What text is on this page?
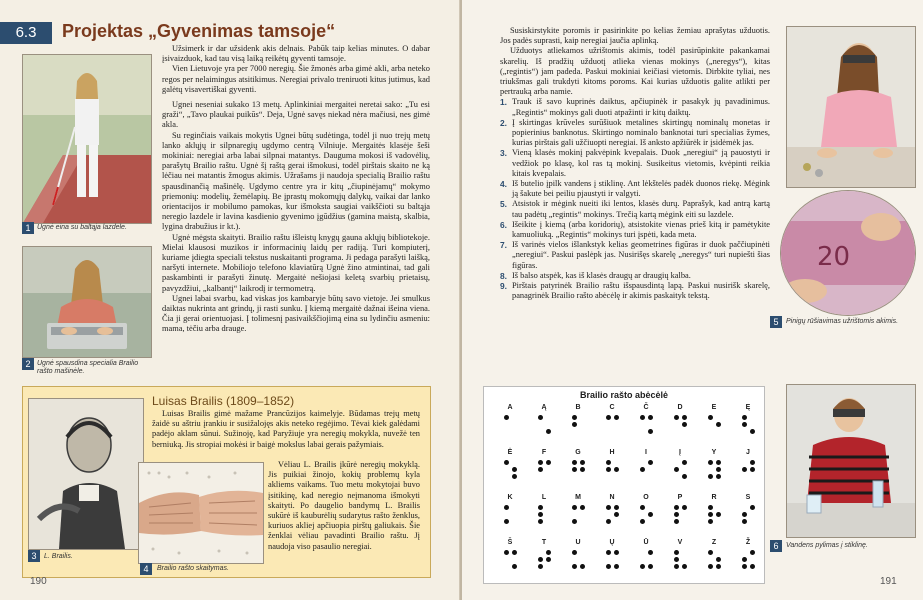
6.3	Projektas „Gyvenimas tamsoje“
1 Ugnė eina su baltąja lazdele.
2 Ugnė spausdina specialia Brailio rašto mašinėle.

Užsimerk ir dar užsidenk akis delnais. Pabūk taip kelias minutes. O dabar įsivaizduok, kad tau visą laiką reikėtų gyventi tamsoje.

Vien Lietuvoje yra per 7000 neregių. Šie žmonės arba gimė akli, arba neteko regos per nelaimingus atsitikimus. Neregiai privalo treniruoti kitus jutimus, kad galėtų visavertiškai gyventi.

Ugnei neseniai sukako 13 metų. Aplinkiniai mergaitei neretai sako: „Tu esi graži“, „Tavo plaukai puikūs“. Deja, Ugnė savęs niekad nėra mačiusi, nes gimė akla.

Su reginčiais vaikais mokytis Ugnei būtų sudėtinga, todėl ji nuo trejų metų lanko aklųjų ir silpnaregių ugdymo centrą Vilniuje. Mergaitės klasėje šeši mokiniai: neregiai arba labai silpnai matantys. Dauguma mokosi iš vadovėlių, parašytų Brailio raštu. Ugnė šį raštą gerai išmokusi, todėl pirštais skaito ne ką lėčiau nei matantis žmogus akimis. Užrašams ji naudoja specialią Brailio raštu spausdinančią mašinėlę. Ugdymo centre yra ir kitų „čiupinėjamų“ mokymo priemonių: modelių, žemėlapių. Be įprastų mokomųjų dalykų, vaikai dar lanko orientacijos ir mobilumo pamokas, kur išmoksta saugiai vaikščioti su baltąja neregio lazdele ir lavina kasdienio gyvenimo įgūdžius (gamina maistą, skalbia, lygina drabužius ir kt.).

Ugnė mėgsta skaityti. Brailio raštu išleistų knygų gauna aklųjų bibliotekoje. Mielai klausosi muzikos ir informacinių laidų per radiją. Turi kompiuterį, kuriame įdiegta speciali tekstus nuskaitanti programa. Ji pedaga parašyti laišką, naršyti internete. Mobiliojo telefono klaviatūrą Ugnė žino atmintinai, tad gali paskambinti ir parašyti žinutę. Mergaitė nešiojasi keletą svarbių prietaisų, pavyzdžiui, „kalbantį“ laikrodį ir termometrą.

Ugnei labai svarbu, kad viskas jos kambaryje būtų savo vietoje. Jei smulkus daiktas nukrinta ant grindų, ji rasti sunku. Į kiemą mergaitė dažnai išeina viena. Čia ji gerai orientuojasi. Į tolimesnį pasivaikščiojimą eina su lydinčiu asmeniu: mama, tėčiu arba drauge.

Luisas Brailis (1809–1852)

Luisas Brailis gimė mažame Prancūzijos kaimelyje. Būdamas trejų metų žaidė su aštriu įrankiu ir susižalojęs akis neteko regėjimo. Tėvai kiek galėdami padėjo aklam sūnui. Sužinoję, kad Paryžiuje yra neregių mokykla, nuvežė ten berniuką. Jis stropiai mokėsi ir baigė mokslus labai gerais pažymiais.

3	L. Brailis.
4	Brailio rašto skaitymas.

Vėliau L. Brailis įkūrė neregių mokyklą. Jis puikiai žinojo, kokių problemų kyla akliems vaikams. Tuo metu mokytojai buvo įsitikinę, kad neregio neįmanoma išmokyti skaityti. Po daugelio bandymų L. Brailis sukūrė iš kauburėlių sudarytus rašto ženklus, kuriuos akliej apčiuopia pirštų galiukais. Šie ženklai vėliau pavadinti Brailio raštu. Jį naudoja viso pasaulio neregiai.

190

Susiskirstykite poromis ir pasirinkite po kelias žemiau aprašytas užduotis. Jos padės suprasti, kaip neregiai jaučia aplinką.

Užduotys atliekamos užrištomis akimis, todėl pasirūpinkite pakankamai skarelių. Iš pradžių užduotį atlieka vienas mokinys („neregys“), kitas („regintis“) jam padeda. Paskui mokiniai keičiasi vietomis. Dirbkite tyliai, nes triukšmas gali trukdyti kitoms poroms. Kai kurias užduotis galite atlikti per pertrauką arba namie.

1. Trauk iš savo kuprinės daiktus, apčiupinėk ir pasakyk jų pavadinimus. „Regintis“ mokinys gali duoti atpažinti ir kitų daiktų.
2. Į skirtingas krūveles surūšiuok metalines skirtingų nominalų monetas ir popierinius banknotus. Skirtingo nominalo banknotai turi specialias žymes, kurias pirštais gali užčiuopti neregiai. Iš anksto apžiūrėk ir įsidėmėk jas.
3. Vieną klasės mokinį pakvėpink kvepalais. Duok „neregiui“ ją pauostyti ir vedžiok po klasę, kol ras tą mokinį. Susikeitus vietomis, kvėpinti reikia kitais kvepalais.
4. Iš butelio įpilk vandens į stiklinę. Ant lėkštelės padėk duonos riekę. Mėgink ją šakute bei peiliu pjaustyti ir valgyti.
5. Atsistok ir mėgink nueiti iki lentos, klasės durų. Paprašyk, kad antrą kartą tau padėtų „regintis“ mokinys. Trečią kartą mėgink eiti su lazdele.
6. Išeikite į kiemą (arba koridorių), atsistokite vienas prieš kitą ir pamėtykite kamuoliuką. „Regintis“ mokinys turi įspėti, kada meta.
7. Iš varinės vielos išlankstyk kelias geometrines figūras ir duok paččiupinėti „neregiui“. Paskui paslėpk jas. Nusirišęs skarelę „neregys“ turi nupiešti šias figūras.
8. Iš balso atspėk, kas iš klasės draugų ar draugių kalba.
9. Pirštais patyrinėk Brailio raštu išspausdintą lapą. Paskui nusirišk skarelę, panagrinėk Brailio rašto abėcėlę ir akimis paskaityk tekstą.
20
5	Pinigų rūšiavimas užrištomis akimis.
6	Vandens pylimas į stiklinę.
191
Brailio rašto abėcėlė
A	Ą	B	C	Č	D	E	Ę
Ė	F	G	H	I	Į	Y	J
K	L	M	N	O	P	R	S
Š	T	U	Ų	Ū	V	Z	Ž
